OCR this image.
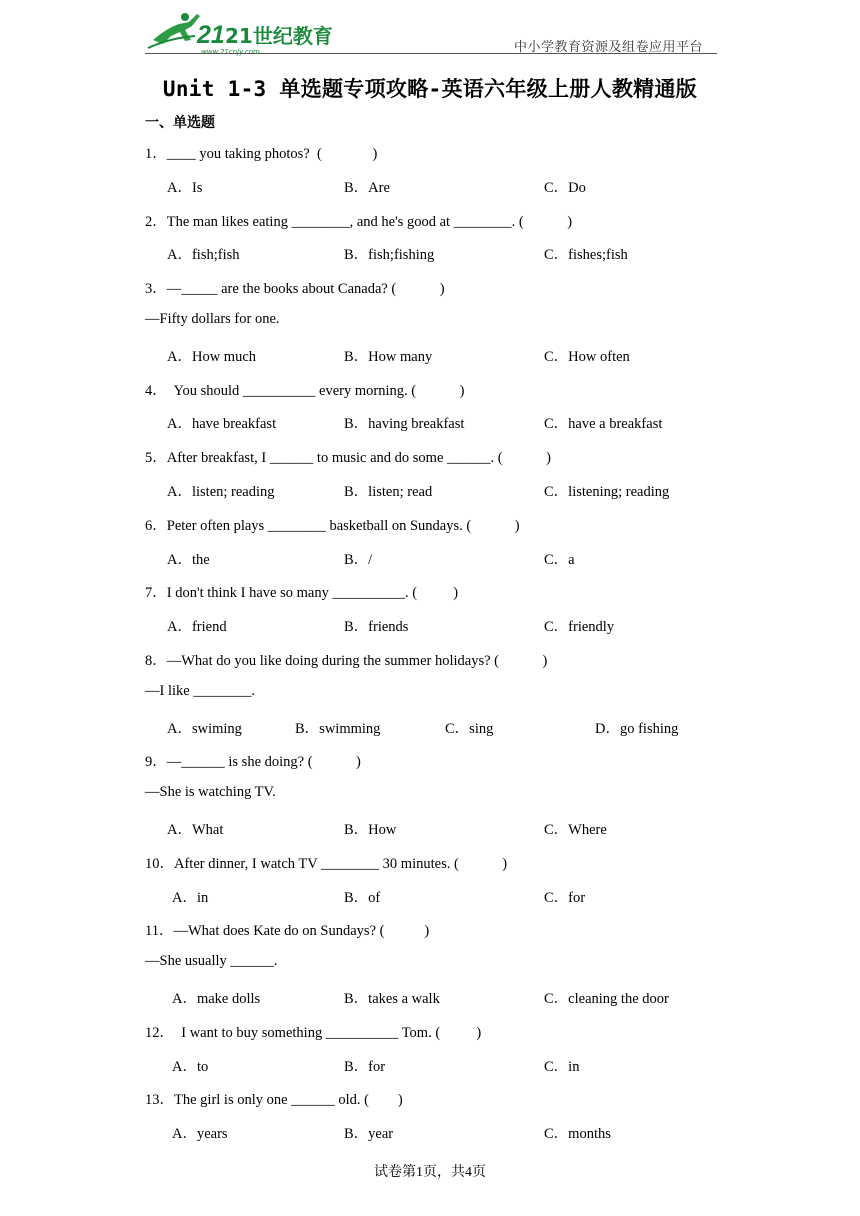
21 21世纪教育
www.21cnjy.com	中小学教育资源及组卷应用平台
Unit 1-3 单选题专项攻略-英语六年级上册人教精通版
一、单选题
1．____ you taking photos?  (              )
A．Is	B．Are	C．Do
2．The man likes eating ________, and he's good at ________. (            )
A．fish;fish	B．fish;fishing	C．fishes;fish
3．—_____ are the books about Canada? (            )
—Fifty dollars for one.
A．How much	B．How many	C．How often
4．  You should __________ every morning. (            )
A．have breakfast	B．having breakfast	C．have a breakfast
5．After breakfast, I ______ to music and do some ______. (            )
A．listen; reading	B．listen; read	C．listening; reading
6．Peter often plays ________ basketball on Sundays. (            )
A．the	B．/	C．a
7．I don't think I have so many __________. (          )
A．friend	B．friends	C．friendly
8．—What do you like doing during the summer holidays? (            )
—I like ________.
A．swiming	B．swimming	C．sing	D．go fishing
9．—______ is she doing? (            )
—She is watching TV.
A．What	B．How	C．Where
10．After dinner, I watch TV ________ 30 minutes. (            )
A．in	B．of	C．for
11．—What does Kate do on Sundays? (           )
—She usually ______.
A．make dolls	B．takes a walk	C．cleaning the door
12．  I want to buy something __________ Tom. (          )
A．to	B．for	C．in
13．The girl is only one ______ old. (        )
A．years	B．year	C．months
试卷第1页，共4页
